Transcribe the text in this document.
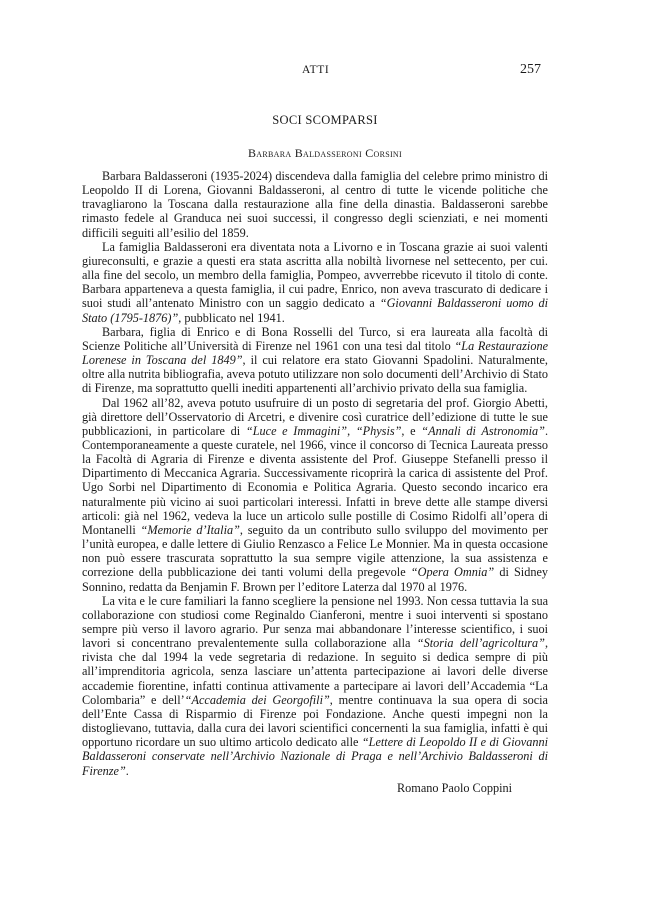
ATTI	257
SOCI SCOMPARSI
Barbara Baldasseroni Corsini

Barbara Baldasseroni (1935-2024) discendeva dalla famiglia del celebre primo ministro di Leopoldo II di Lorena, Giovanni Baldasseroni, al centro di tutte le vicende politiche che travagliarono la Toscana dalla restaurazione alla fine della dinastia. Baldasseroni sarebbe rimasto fedele al Granduca nei suoi successi, il congresso degli scienziati, e nei momenti difficili seguiti all’esilio del 1859.

La famiglia Baldasseroni era diventata nota a Livorno e in Toscana grazie ai suoi valenti giureconsulti, e grazie a questi era stata ascritta alla nobiltà livornese nel settecento, per cui. alla fine del secolo, un membro della famiglia, Pompeo, avverrebbe ricevuto il titolo di conte. Barbara apparteneva a questa famiglia, il cui padre, Enrico, non aveva trascurato di dedicare i suoi studi all’antenato Ministro con un saggio dedicato a “Giovanni Baldasseroni uomo di Stato (1795-1876)”, pubblicato nel 1941.

Barbara, figlia di Enrico e di Bona Rosselli del Turco, si era laureata alla facoltà di Scienze Politiche all’Università di Firenze nel 1961 con una tesi dal titolo “La Restaurazione Lorenese in Toscana del 1849”, il cui relatore era stato Giovanni Spadolini. Naturalmente, oltre alla nutrita bibliografia, aveva potuto utilizzare non solo documenti dell’Archivio di Stato di Firenze, ma soprattutto quelli inediti appartenenti all’archivio privato della sua famiglia.

Dal 1962 all’82, aveva potuto usufruire di un posto di segretaria del prof. Giorgio Abetti, già direttore dell’Osservatorio di Arcetri, e divenire così curatrice dell’edizione di tutte le sue pubblicazioni, in particolare di “Luce e Immagini”, “Physis”, e “Annali di Astronomia”. Contemporaneamente a queste curatele, nel 1966, vince il concorso di Tecnica Laureata presso la Facoltà di Agraria di Firenze e diventa assistente del Prof. Giuseppe Stefanelli presso il Dipartimento di Meccanica Agraria. Successivamente ricoprirà la carica di assistente del Prof. Ugo Sorbi nel Dipartimento di Economia e Politica Agraria. Questo secondo incarico era naturalmente più vicino ai suoi particolari interessi. Infatti in breve dette alle stampe diversi articoli: già nel 1962, vedeva la luce un articolo sulle postille di Cosimo Ridolfi all’opera di Montanelli “Memorie d’Italia”, seguito da un contributo sullo sviluppo del movimento per l’unità europea, e dalle lettere di Giulio Renzasco a Felice Le Monnier. Ma in questa occasione non può essere trascurata soprattutto la sua sempre vigile attenzione, la sua assistenza e correzione della pubblicazione dei tanti volumi della pregevole “Opera Omnia” di Sidney Sonnino, redatta da Benjamin F. Brown per l’editore Laterza dal 1970 al 1976.

La vita e le cure familiari la fanno scegliere la pensione nel 1993. Non cessa tuttavia la sua collaborazione con studiosi come Reginaldo Cianferoni, mentre i suoi interventi si spostano sempre più verso il lavoro agrario. Pur senza mai abbandonare l’interesse scientifico, i suoi lavori si concentrano prevalentemente sulla collaborazione alla “Storia dell’agricoltura”, rivista che dal 1994 la vede segretaria di redazione. In seguito si dedica sempre di più all’imprenditoria agricola, senza lasciare un’attenta partecipazione ai lavori delle diverse accademie fiorentine, infatti continua attivamente a partecipare ai lavori dell’Accademia “La Colombaria” e dell’“Accademia dei Georgofili”, mentre continuava la sua opera di socia dell’Ente Cassa di Risparmio di Firenze poi Fondazione. Anche questi impegni non la distoglievano, tuttavia, dalla cura dei lavori scientifici concernenti la sua famiglia, infatti è qui opportuno ricordare un suo ultimo articolo dedicato alle “Lettere di Leopoldo II e di Giovanni Baldasseroni conservate nell’Archivio Nazionale di Praga e nell’Archivio Baldasseroni di Firenze”.

Romano Paolo Coppini
